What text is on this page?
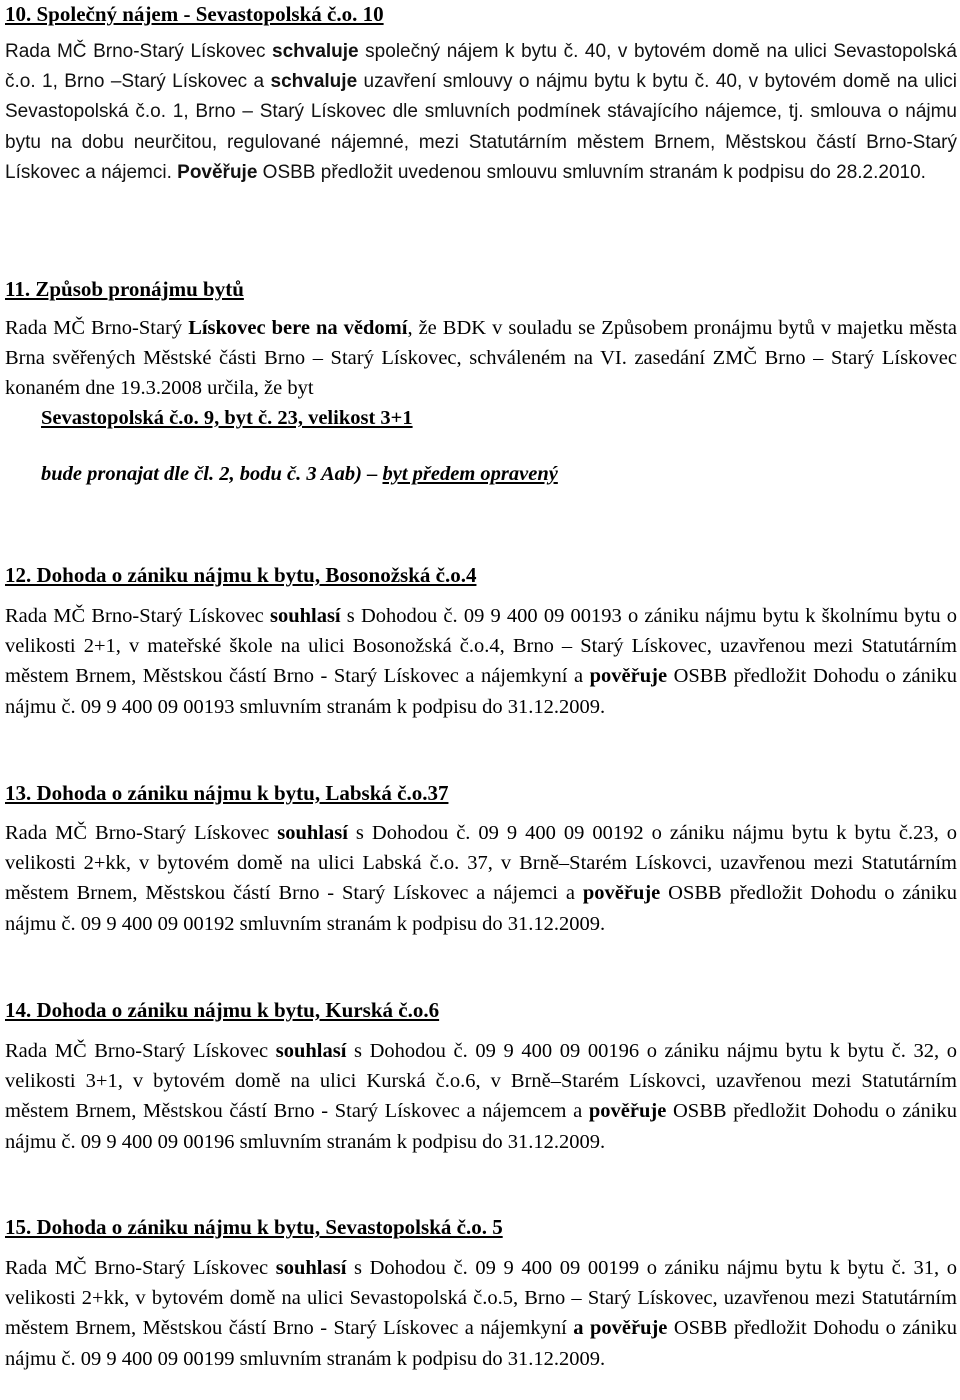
10. Společný nájem - Sevastopolská č.o. 10

Rada MČ Brno-Starý Lískovec schvaluje společný nájem k bytu č. 40, v bytovém domě na ulici Sevastopolská č.o. 1, Brno –Starý Lískovec a schvaluje uzavření smlouvy o nájmu bytu k bytu č. 40, v bytovém domě na ulici Sevastopolská č.o. 1, Brno – Starý Lískovec dle smluvních podmínek stávajícího nájemce, tj. smlouva o nájmu bytu na dobu neurčitou, regulované nájemné, mezi Statutárním městem Brnem, Městskou částí Brno-Starý Lískovec a nájemci. Pověřuje OSBB předložit uvedenou smlouvu smluvním stranám k podpisu do 28.2.2010.

11. Způsob pronájmu bytů

Rada MČ Brno-Starý Lískovec bere na vědomí, že BDK v souladu se Způsobem pronájmu bytů v majetku města Brna svěřených Městské části Brno – Starý Lískovec, schváleném na VI. zasedání ZMČ Brno – Starý Lískovec konaném dne 19.3.2008 určila, že byt

Sevastopolská č.o. 9, byt č. 23, velikost 3+1

bude pronajat dle čl. 2, bodu č. 3 Aab) – byt předem opravený

12. Dohoda o zániku nájmu k bytu, Bosonožská č.o.4

Rada MČ Brno-Starý Lískovec souhlasí s Dohodou č. 09 9 400 09 00193 o zániku nájmu bytu k školnímu bytu o velikosti 2+1, v mateřské škole na ulici Bosonožská č.o.4, Brno – Starý Lískovec, uzavřenou mezi Statutárním městem Brnem, Městskou částí Brno - Starý Lískovec a nájemkyní a pověřuje OSBB předložit Dohodu o zániku nájmu č. 09 9 400 09 00193 smluvním stranám k podpisu do 31.12.2009.

13. Dohoda o zániku nájmu k bytu, Labská č.o.37

Rada MČ Brno-Starý Lískovec souhlasí s Dohodou č. 09 9 400 09 00192 o zániku nájmu bytu k bytu č.23, o velikosti 2+kk, v bytovém domě na ulici Labská č.o. 37, v Brně–Starém Lískovci, uzavřenou mezi Statutárním městem Brnem, Městskou částí Brno - Starý Lískovec a nájemci a pověřuje OSBB předložit Dohodu o zániku nájmu č. 09 9 400 09 00192 smluvním stranám k podpisu do 31.12.2009.

14. Dohoda o zániku nájmu k bytu, Kurská č.o.6

Rada MČ Brno-Starý Lískovec souhlasí s Dohodou č. 09 9 400 09 00196 o zániku nájmu bytu k bytu č. 32, o velikosti 3+1, v bytovém domě na ulici Kurská č.o.6, v Brně–Starém Lískovci, uzavřenou mezi Statutárním městem Brnem, Městskou částí Brno - Starý Lískovec a nájemcem a pověřuje OSBB předložit Dohodu o zániku nájmu č. 09 9 400 09 00196 smluvním stranám k podpisu do 31.12.2009.

15. Dohoda o zániku nájmu k bytu, Sevastopolská č.o. 5

Rada MČ Brno-Starý Lískovec souhlasí s Dohodou č. 09 9 400 09 00199 o zániku nájmu bytu k bytu č. 31, o velikosti 2+kk, v bytovém domě na ulici Sevastopolská č.o.5, Brno – Starý Lískovec, uzavřenou mezi Statutárním městem Brnem, Městskou částí Brno - Starý Lískovec a nájemkyní a pověřuje OSBB předložit Dohodu o zániku nájmu č. 09 9 400 09 00199 smluvním stranám k podpisu do 31.12.2009.
